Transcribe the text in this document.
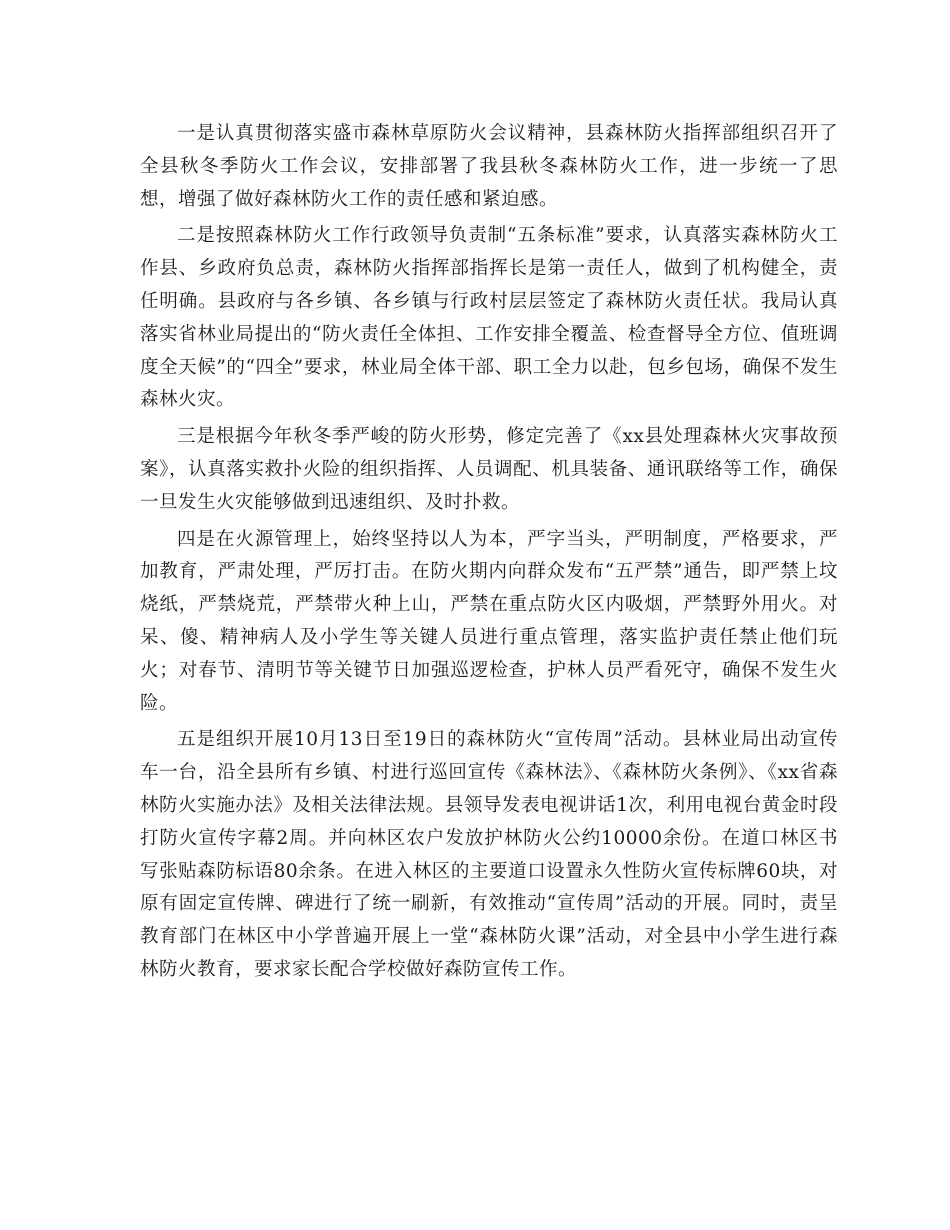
一是认真贯彻落实盛市森林草原防火会议精神，县森林防火指挥部组织召开了全县秋冬季防火工作会议，安排部署了我县秋冬森林防火工作，进一步统一了思想，增强了做好森林防火工作的责任感和紧迫感。

二是按照森林防火工作行政领导负责制“五条标准”要求，认真落实森林防火工作县、乡政府负总责，森林防火指挥部指挥长是第一责任人，做到了机构健全，责任明确。县政府与各乡镇、各乡镇与行政村层层签定了森林防火责任状。我局认真落实省林业局提出的“防火责任全体担、工作安排全覆盖、检查督导全方位、值班调度全天候”的“四全”要求，林业局全体干部、职工全力以赴，包乡包场，确保不发生森林火灾。

三是根据今年秋冬季严峻的防火形势，修定完善了《xx县处理森林火灾事故预案》，认真落实救扑火险的组织指挥、人员调配、机具装备、通讯联络等工作，确保一旦发生火灾能够做到迅速组织、及时扑救。

四是在火源管理上，始终坚持以人为本，严字当头，严明制度，严格要求，严加教育，严肃处理，严厉打击。在防火期内向群众发布“五严禁”通告，即严禁上坟烧纸，严禁烧荒，严禁带火种上山，严禁在重点防火区内吸烟，严禁野外用火。对呆、傻、精神病人及小学生等关键人员进行重点管理，落实监护责任禁止他们玩火；对春节、清明节等关键节日加强巡逻检查，护林人员严看死守，确保不发生火险。

五是组织开展10月13日至19日的森林防火“宣传周”活动。县林业局出动宣传车一台，沿全县所有乡镇、村进行巡回宣传《森林法》、《森林防火条例》、《xx省森林防火实施办法》及相关法律法规。县领导发表电视讲话1次，利用电视台黄金时段打防火宣传字幕2周。并向林区农户发放护林防火公约10000余份。在道口林区书写张贴森防标语80余条。在进入林区的主要道口设置永久性防火宣传标牌60块，对原有固定宣传牌、碑进行了统一刷新，有效推动“宣传周”活动的开展。同时，责呈教育部门在林区中小学普遍开展上一堂“森林防火课”活动，对全县中小学生进行森林防火教育，要求家长配合学校做好森防宣传工作。
